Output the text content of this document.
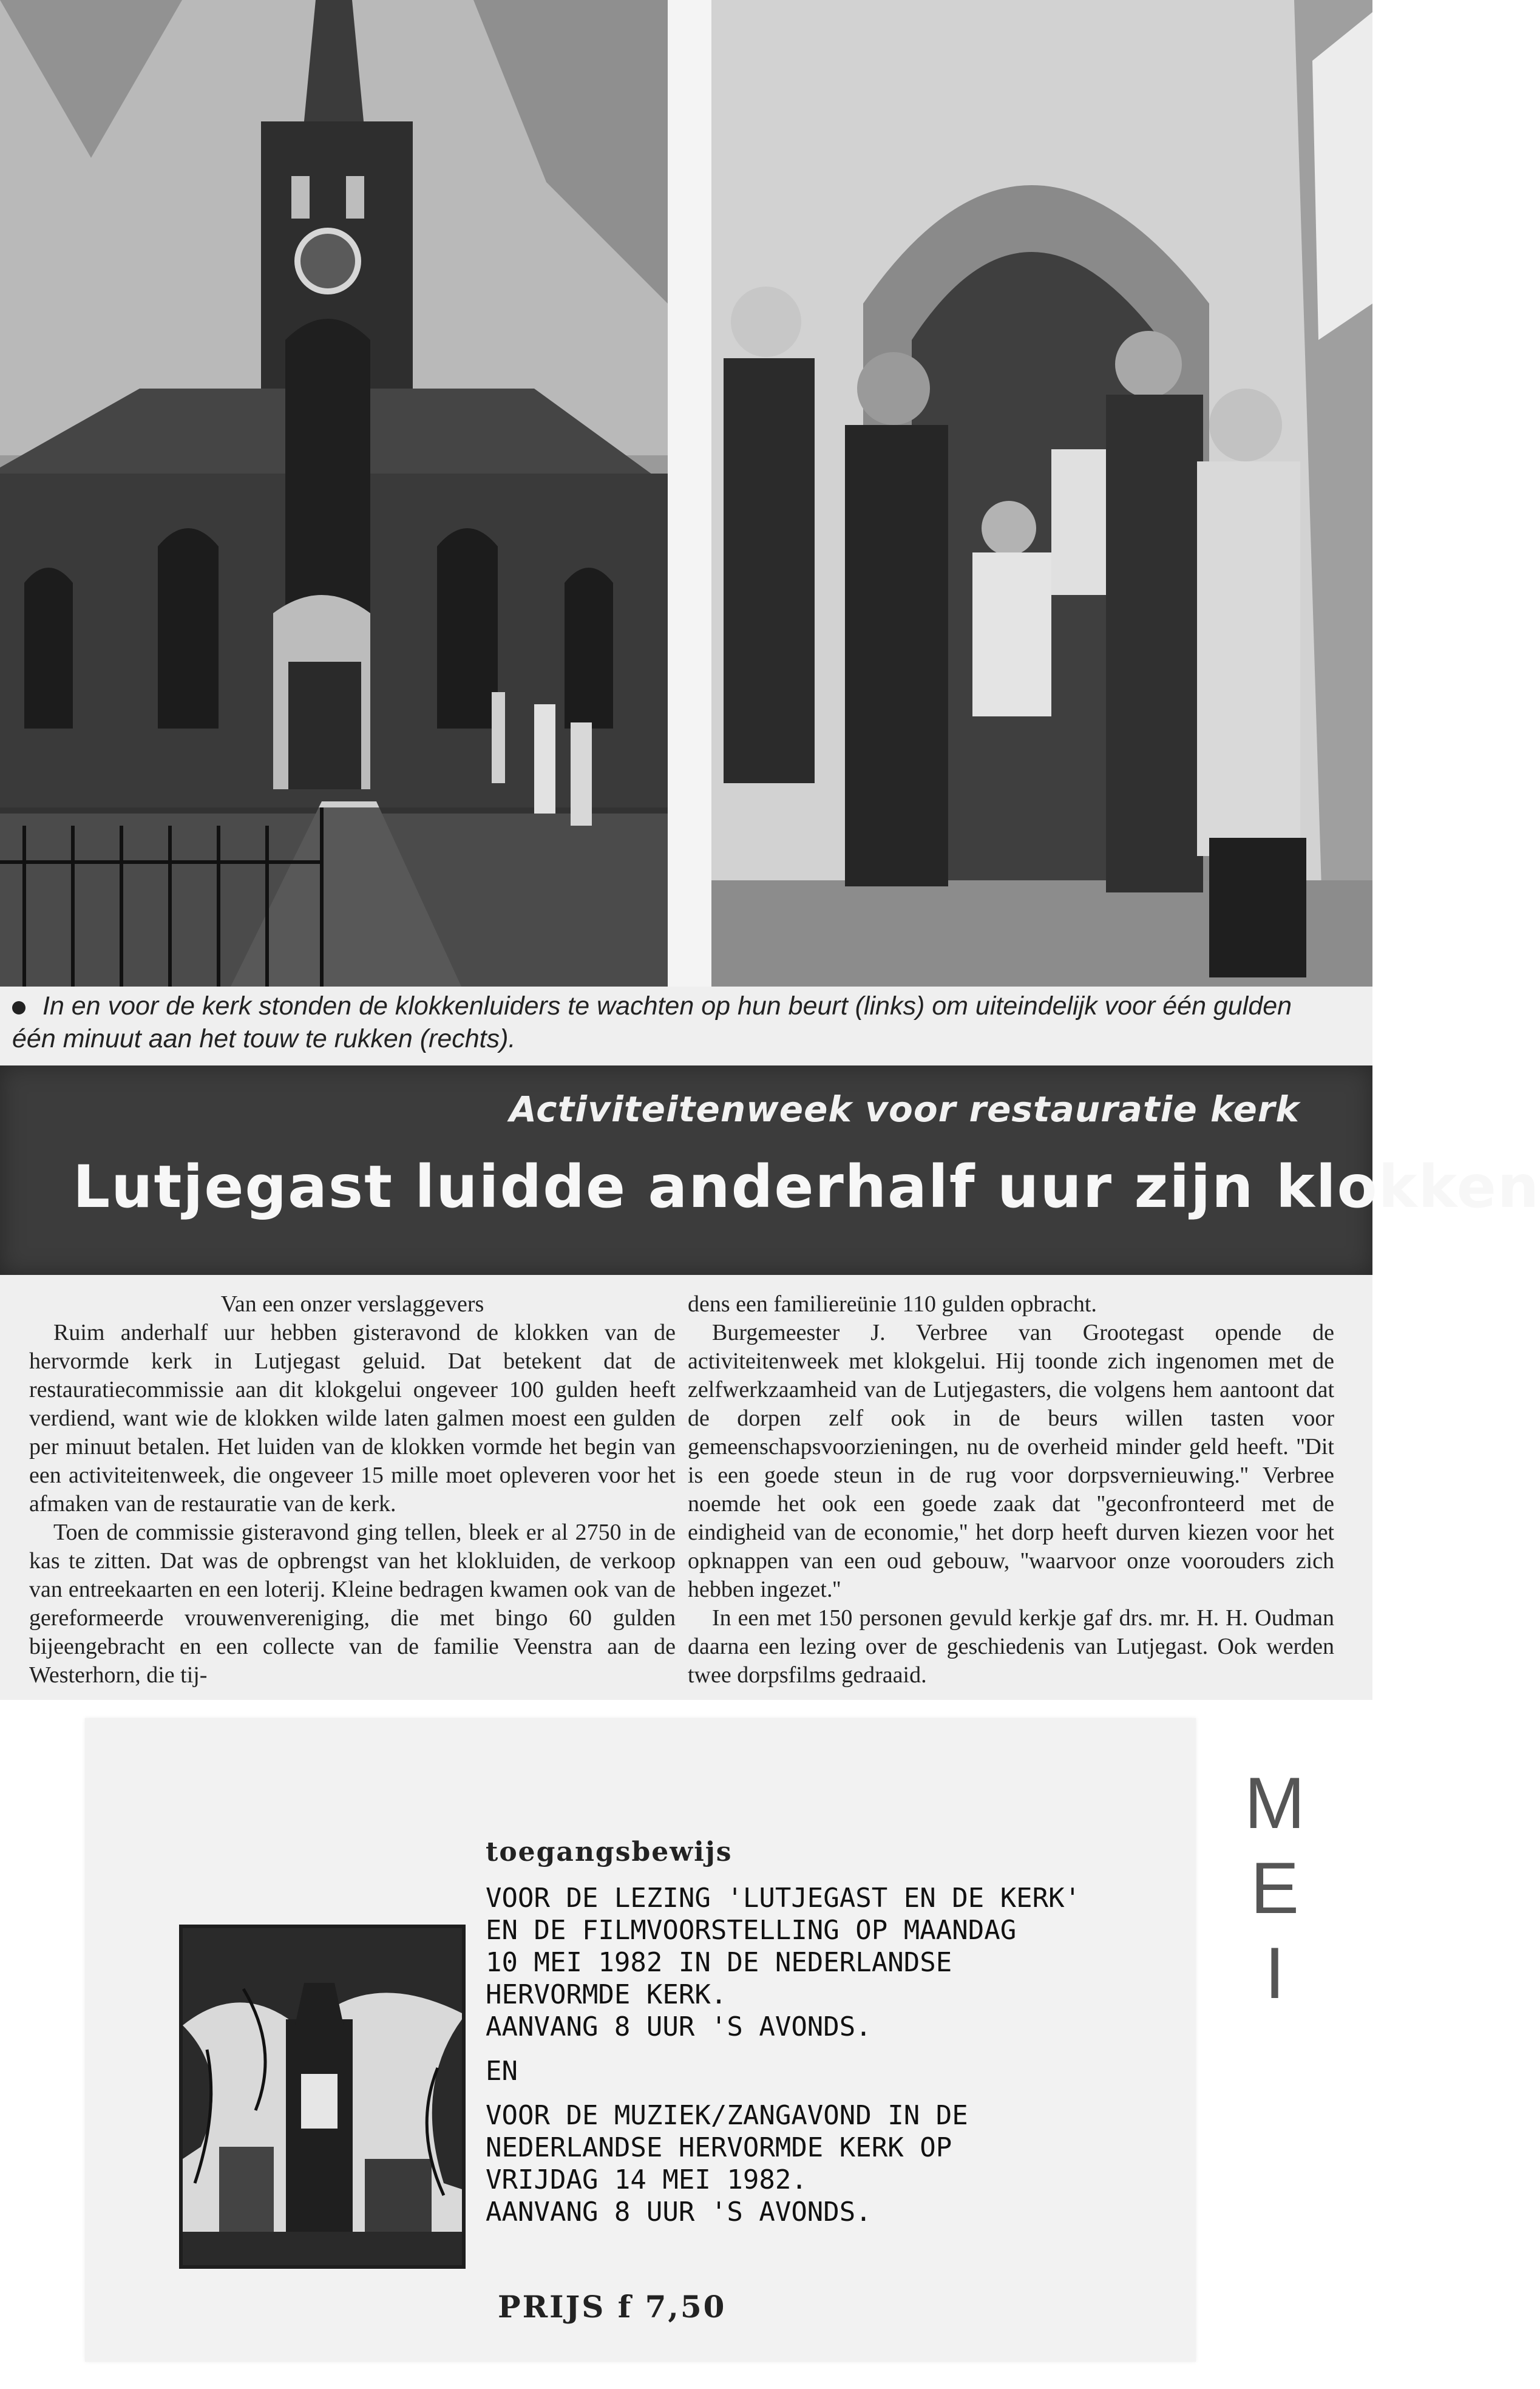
In en voor de kerk stonden de klokkenluiders te wachten op hun beurt (links) om uiteindelijk voor één gulden

één minuut aan het touw te rukken (rechts).

Activiteitenweek voor restauratie kerk
Lutjegast luidde anderhalf uur zijn klokken

Van een onzer verslaggevers

Ruim anderhalf uur hebben gisteravond de klokken van de hervormde kerk in Lutjegast geluid. Dat betekent dat de restauratiecommissie aan dit klokgelui ongeveer 100 gulden heeft verdiend, want wie de klokken wilde laten galmen moest een gulden per minuut betalen. Het luiden van de klokken vormde het begin van een activiteitenweek, die ongeveer 15 mille moet opleveren voor het afmaken van de restauratie van de kerk.

Toen de commissie gisteravond ging tellen, bleek er al 2750 in de kas te zitten. Dat was de opbrengst van het klokluiden, de verkoop van entreekaarten en een loterij. Kleine bedragen kwamen ook van de gereformeerde vrouwenvereniging, die met bingo 60 gulden bijeengebracht en een collecte van de familie Veenstra aan de Westerhorn, die tij-

dens een familiereünie 110 gulden opbracht.

Burgemeester J. Verbree van Grootegast opende de activiteitenweek met klokgelui. Hij toonde zich ingenomen met de zelfwerkzaamheid van de Lutjegasters, die volgens hem aantoont dat de dorpen zelf ook in de beurs willen tasten voor gemeenschapsvoorzieningen, nu de overheid minder geld heeft. ''Dit is een goede steun in de rug voor dorpsvernieuwing.'' Verbree noemde het ook een goede zaak dat ''geconfronteerd met de eindigheid van de economie,'' het dorp heeft durven kiezen voor het opknappen van een oud gebouw, ''waarvoor onze voorouders zich hebben ingezet.''

In een met 150 personen gevuld kerkje gaf drs. mr. H. H. Oudman daarna een lezing over de geschiedenis van Lutjegast. Ook werden twee dorpsfilms gedraaid.

toegangsbewijs

VOOR DE LEZING 'LUTJEGAST EN DE KERK'

EN DE FILMVOORSTELLING OP MAANDAG

10 MEI 1982 IN DE NEDERLANDSE

HERVORMDE KERK.

AANVANG 8 UUR 'S AVONDS.

EN

VOOR DE MUZIEK/ZANGAVOND IN DE

NEDERLANDSE HERVORMDE KERK OP

VRIJDAG 14 MEI 1982.

AANVANG 8 UUR 'S AVONDS.

PRIJS f 7,50
M
E
I
